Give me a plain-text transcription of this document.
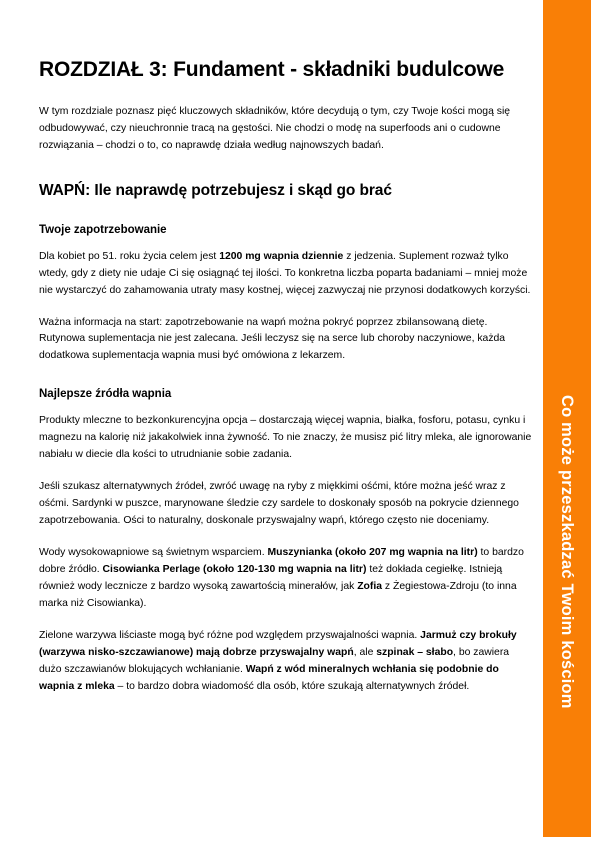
ROZDZIAŁ 3: Fundament - składniki budulcowe

W tym rozdziale poznasz pięć kluczowych składników, które decydują o tym, czy Twoje kości mogą się odbudowywać, czy nieuchronnie tracą na gęstości. Nie chodzi o modę na superfoods ani o cudowne rozwiązania – chodzi o to, co naprawdę działa według najnowszych badań.

WAPŃ: Ile naprawdę potrzebujesz i skąd go brać
Twoje zapotrzebowanie

Dla kobiet po 51. roku życia celem jest 1200 mg wapnia dziennie z jedzenia. Suplement rozważ tylko wtedy, gdy z diety nie udaje Ci się osiągnąć tej ilości. To konkretna liczba poparta badaniami – mniej może nie wystarczyć do zahamowania utraty masy kostnej, więcej zazwyczaj nie przynosi dodatkowych korzyści.

Ważna informacja na start: zapotrzebowanie na wapń można pokryć poprzez zbilansowaną dietę. Rutynowa suplementacja nie jest zalecana. Jeśli leczysz się na serce lub choroby naczyniowe, każda dodatkowa suplementacja wapnia musi być omówiona z lekarzem.

Najlepsze źródła wapnia

Produkty mleczne to bezkonkurencyjna opcja – dostarczają więcej wapnia, białka, fosforu, potasu, cynku i magnezu na kalorię niż jakakolwiek inna żywność. To nie znaczy, że musisz pić litry mleka, ale ignorowanie nabiału w diecie dla kości to utrudnianie sobie zadania.

Jeśli szukasz alternatywnych źródeł, zwróć uwagę na ryby z miękkimi ośćmi, które można jeść wraz z ośćmi. Sardynki w puszce, marynowane śledzie czy sardele to doskonały sposób na pokrycie dziennego zapotrzebowania. Ości to naturalny, doskonale przyswajalny wapń, którego często nie doceniamy.

Wody wysokowapniowe są świetnym wsparciem. Muszynianka (około 207 mg wapnia na litr) to bardzo dobre źródło. Cisowianka Perlage (około 120-130 mg wapnia na litr) też dokłada cegiełkę. Istnieją również wody lecznicze z bardzo wysoką zawartością minerałów, jak Zofia z Żegiestowa-Zdroju (to inna marka niż Cisowianka).

Zielone warzywa liściaste mogą być różne pod względem przyswajalności wapnia. Jarmuż czy brokuły (warzywa nisko-szczawianowe) mają dobrze przyswajalny wapń, ale szpinak – słabo, bo zawiera dużo szczawianów blokujących wchłanianie. Wapń z wód mineralnych wchłania się podobnie do wapnia z mleka – to bardzo dobra wiadomość dla osób, które szukają alternatywnych źródeł.	Co może przeszkadzać Twoim kościom
